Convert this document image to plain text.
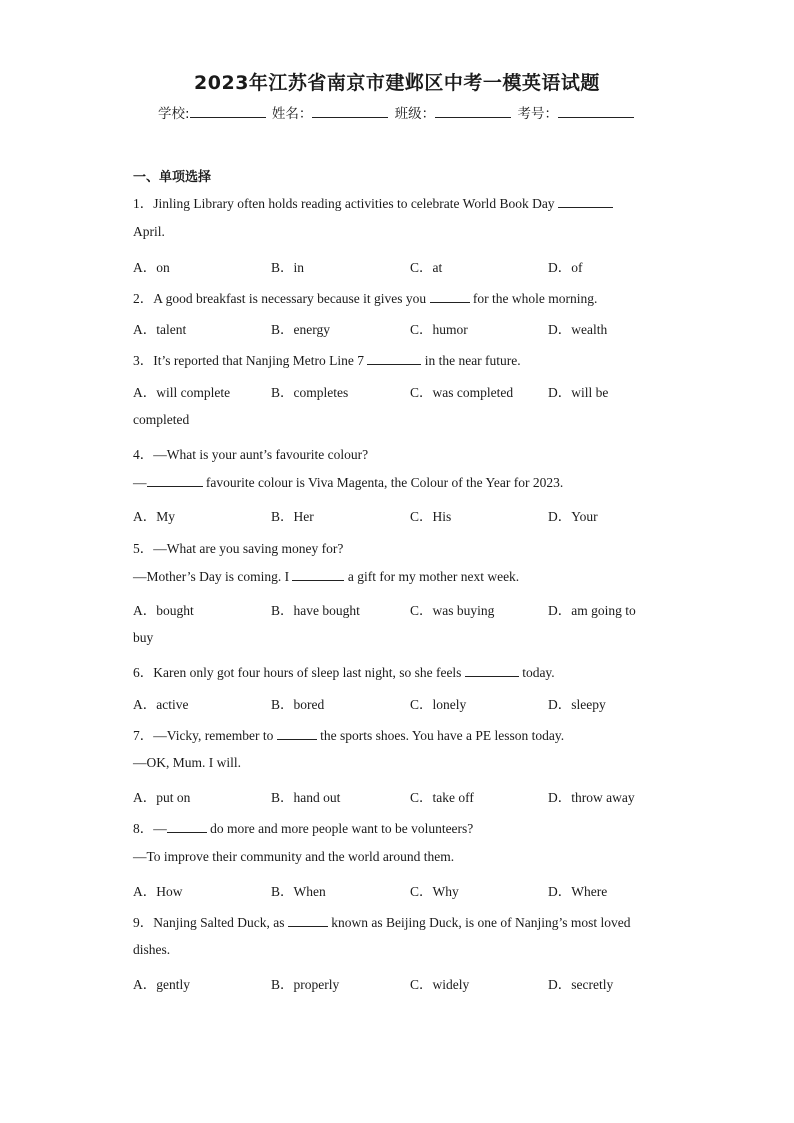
2023年江苏省南京市建邺区中考一模英语试题
学校:	姓名：	班级：	考号：
一、单项选择
1．Jinling Library often holds reading activities to celebrate World Book Day
April.
A．on	B．in	C．at	D．of
2．A good breakfast is necessary because it gives you	for the whole morning.
A．talent	B．energy	C．humor	D．wealth
3．It’s reported that Nanjing Metro Line 7	in the near future.
A．will complete	B．completes	C．was completed	D．will be
completed
4．—What is your aunt’s favourite colour?
—	favourite colour is Viva Magenta, the Colour of the Year for 2023.
A．My	B．Her	C．His	D．Your
5．—What are you saving money for?
—Mother’s Day is coming. I	a gift for my mother next week.
A．bought	B．have bought	C．was buying	D．am going to
buy
6．Karen only got four hours of sleep last night, so she feels	today.
A．active	B．bored	C．lonely	D．sleepy
7．—Vicky, remember to	the sports shoes. You have a PE lesson today.
—OK, Mum. I will.
A．put on	B．hand out	C．take off	D．throw away
8．—	do more and more people want to be volunteers?
—To improve their community and the world around them.
A．How	B．When	C．Why	D．Where
9．Nanjing Salted Duck, as	known as Beijing Duck, is one of Nanjing’s most loved
dishes.
A．gently	B．properly	C．widely	D．secretly
